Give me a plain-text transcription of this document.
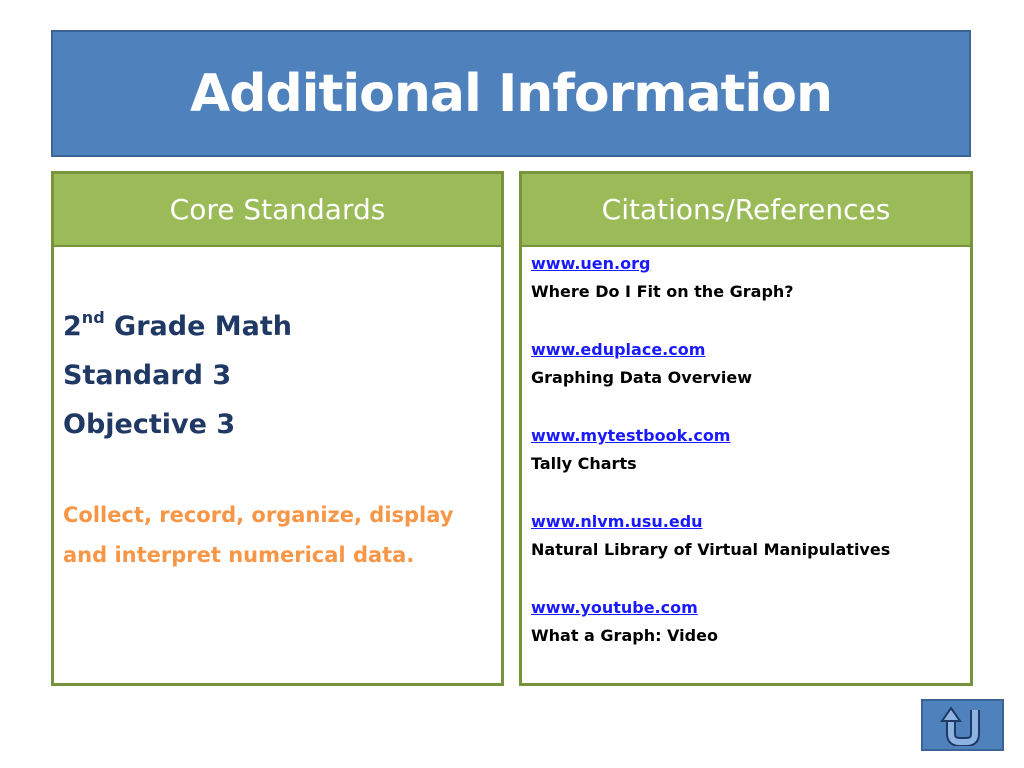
Additional Information
Core Standards
2nd Grade Math
Standard 3
Objective 3
Collect, record, organize, display and interpret numerical data.
Citations/References
www.uen.org
Where Do I Fit on the Graph?
www.eduplace.com
Graphing Data Overview
www.mytestbook.com
Tally Charts
www.nlvm.usu.edu
Natural Library of Virtual Manipulatives
www.youtube.com
What a Graph: Video
